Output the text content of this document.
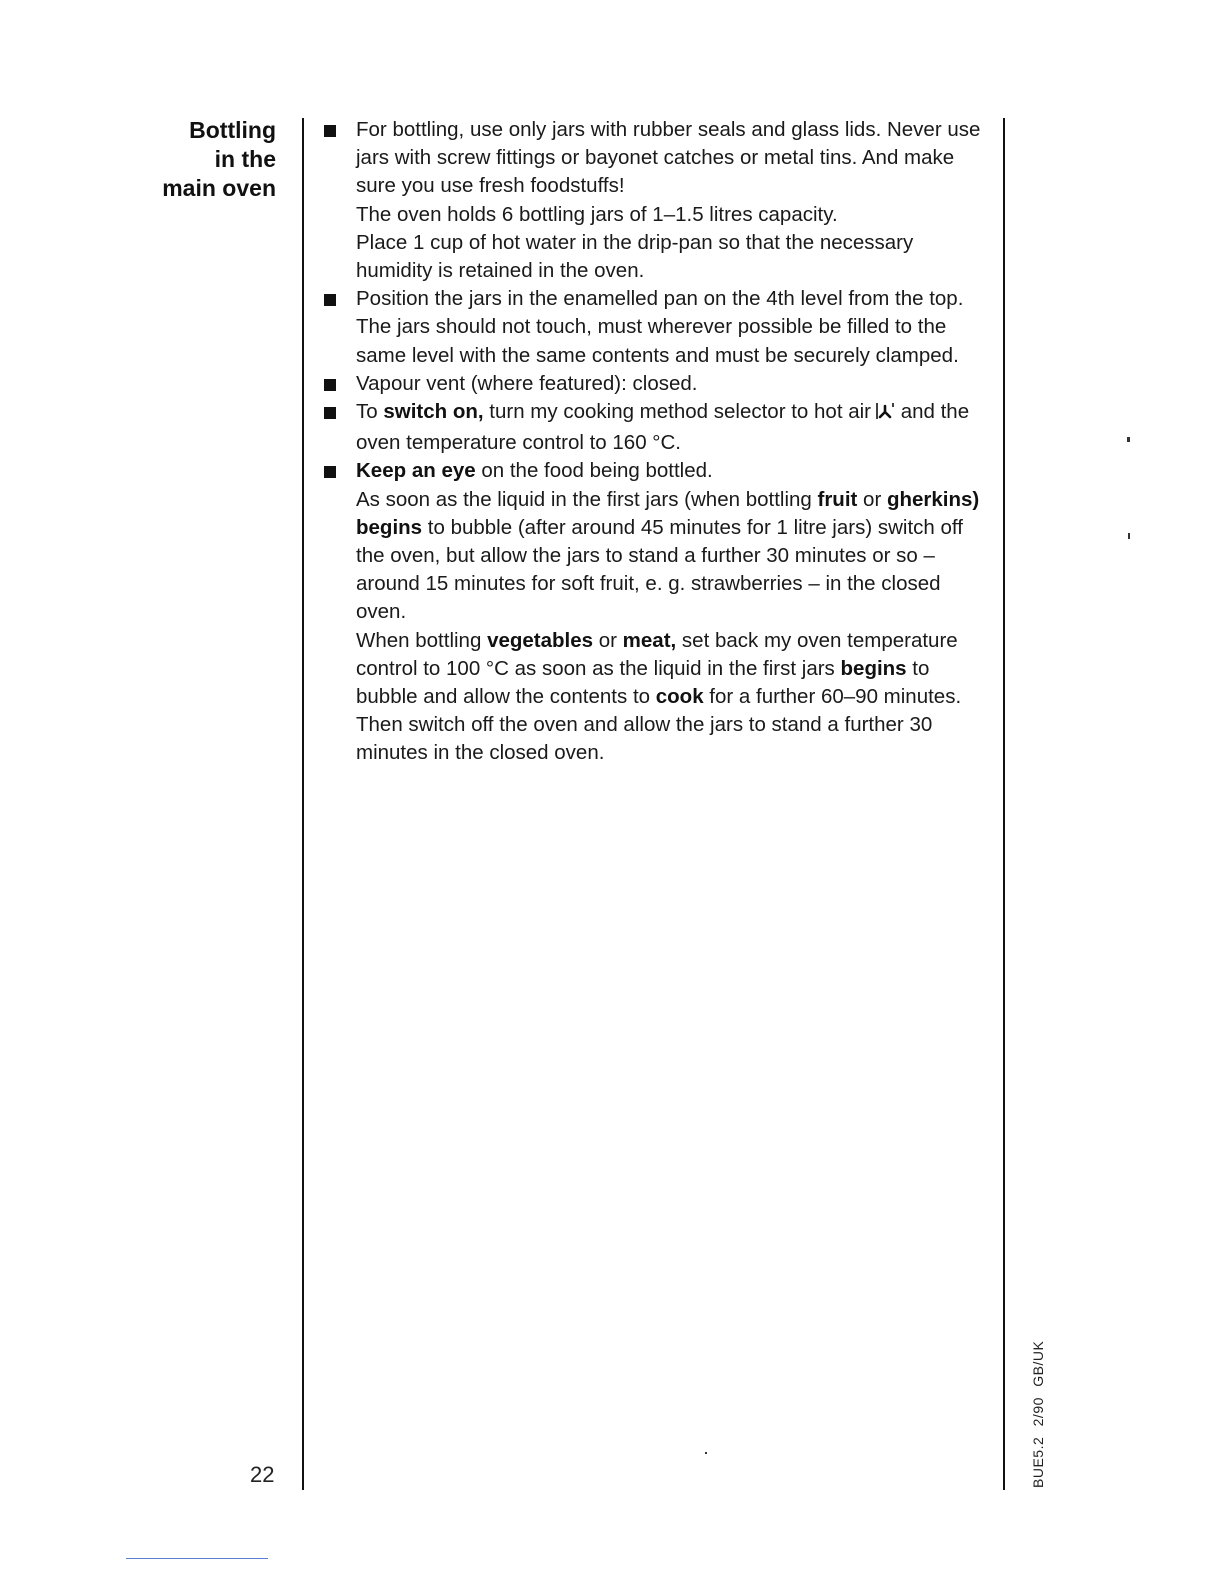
Bottling
in the
main oven
For bottling, use only jars with rubber seals and glass lids. Never use jars with screw fittings or bayonet catches or metal tins. And make sure you use fresh foodstuffs!
The oven holds 6 bottling jars of 1–1.5 litres capacity.
Place 1 cup of hot water in the drip-pan so that the necessary humidity is retained in the oven.
Position the jars in the enamelled pan on the 4th level from the top. The jars should not touch, must wherever possible be filled to the same level with the same contents and must be securely clamped.
Vapour vent (where featured): closed.
To switch on, turn my cooking method selector to hot air and the oven temperature control to 160 °C.
Keep an eye on the food being bottled.
As soon as the liquid in the first jars (when bottling fruit or gherkins) begins to bubble (after around 45 minutes for 1 litre jars) switch off the oven, but allow the jars to stand a further 30 minutes or so – around 15 minutes for soft fruit, e. g. strawberries – in the closed oven.
When bottling vegetables or meat, set back my oven temperature control to 100 °C as soon as the liquid in the first jars begins to bubble and allow the contents to cook for a further 60–90 minutes. Then switch off the oven and allow the jars to stand a further 30 minutes in the closed oven.
22	BUE5.2 2/90 GB/UK
